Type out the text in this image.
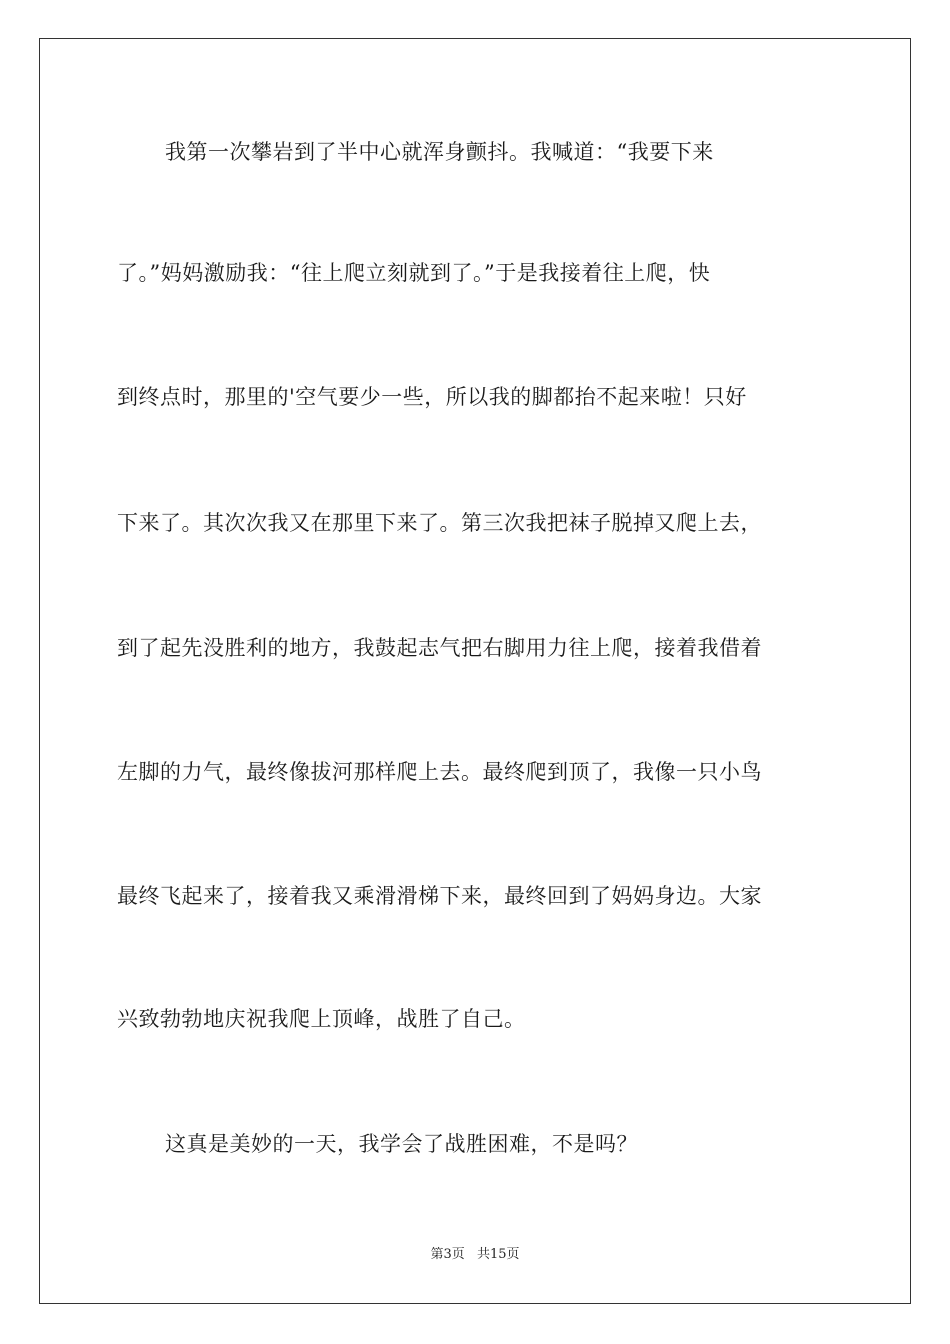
我第一次攀岩到了半中心就浑身颤抖。我喊道：“我要下来
了。”妈妈激励我：“往上爬立刻就到了。”于是我接着往上爬，快
到终点时，那里的'空气要少一些，所以我的脚都抬不起来啦！只好
下来了。其次次我又在那里下来了。第三次我把袜子脱掉又爬上去，
到了起先没胜利的地方，我鼓起志气把右脚用力往上爬，接着我借着
左脚的力气，最终像拔河那样爬上去。最终爬到顶了，我像一只小鸟
最终飞起来了，接着我又乘滑滑梯下来，最终回到了妈妈身边。大家
兴致勃勃地庆祝我爬上顶峰，战胜了自己。
这真是美妙的一天，我学会了战胜困难，不是吗？
第3页 共15页
